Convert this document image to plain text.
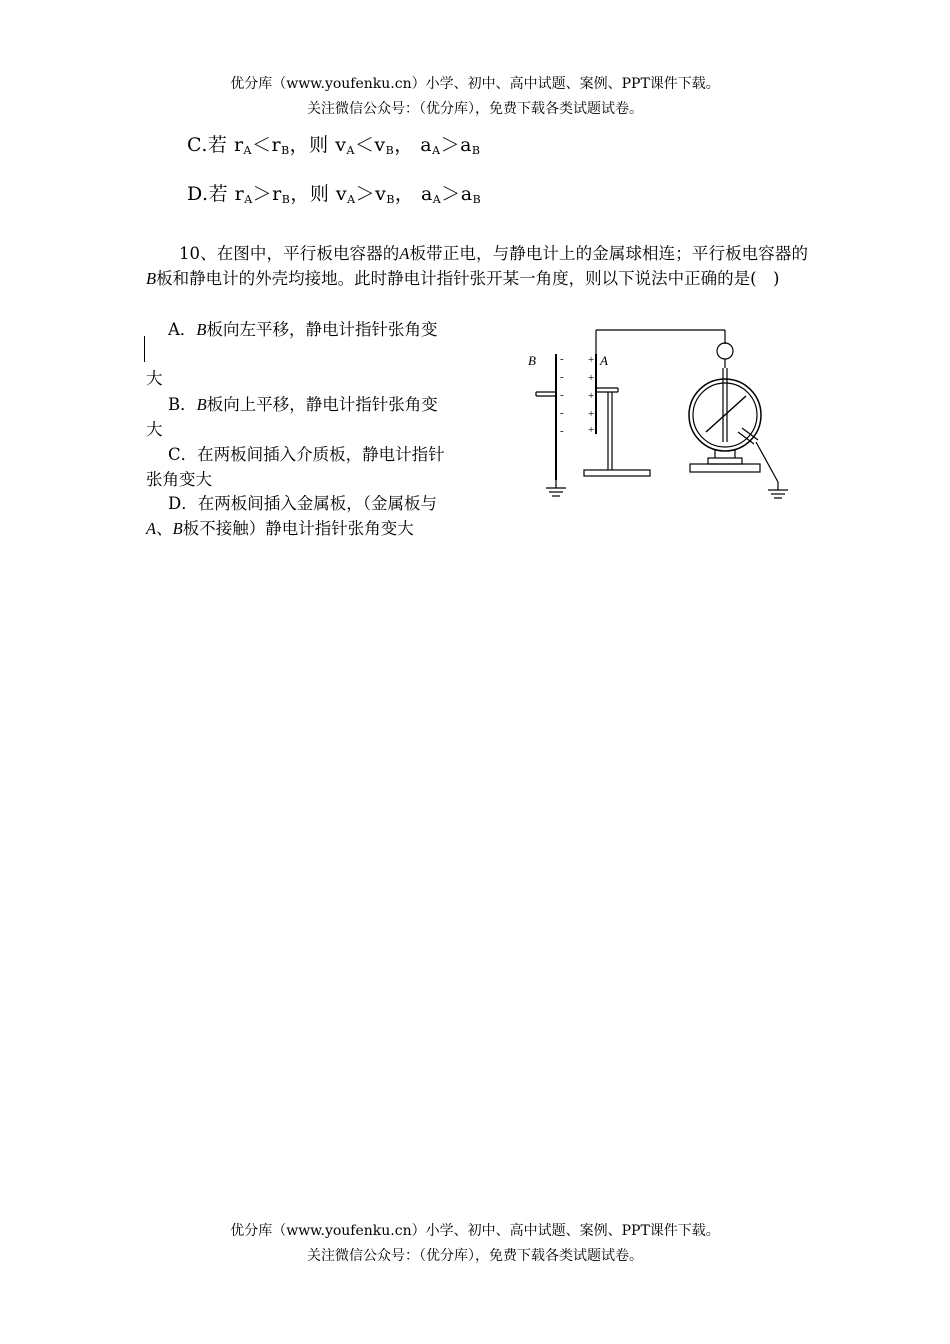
优分库（www.youfenku.cn）小学、初中、高中试题、案例、PPT课件下载。
关注微信公众号：（优分库），免费下载各类试题试卷。
C.若 $r_A<r_B$，则 $v_A<v_B$， $a_A>a_B$
D.若 $r_A>r_B$，则 $v_A>v_B$， $a_A>a_B$
10、在图中，平行板电容器的A板带正电，与静电计上的金属球相连；平行板电容器的B板和静电计的外壳均接地。此时静电计指针张开某一角度，则以下说法中正确的是(　)
A．B板向左平移，静电计指针张角变
大
B．B板向上平移，静电计指针张角变
大
C．在两板间插入介质板，静电计指针
张角变大
D．在两板间插入金属板，（金属板与
A、B板不接触）静电计指针张角变大
B	A
-
-
-
-
-
+
+
+
+
+
优分库（www.youfenku.cn）小学、初中、高中试题、案例、PPT课件下载。
关注微信公众号：（优分库），免费下载各类试题试卷。
